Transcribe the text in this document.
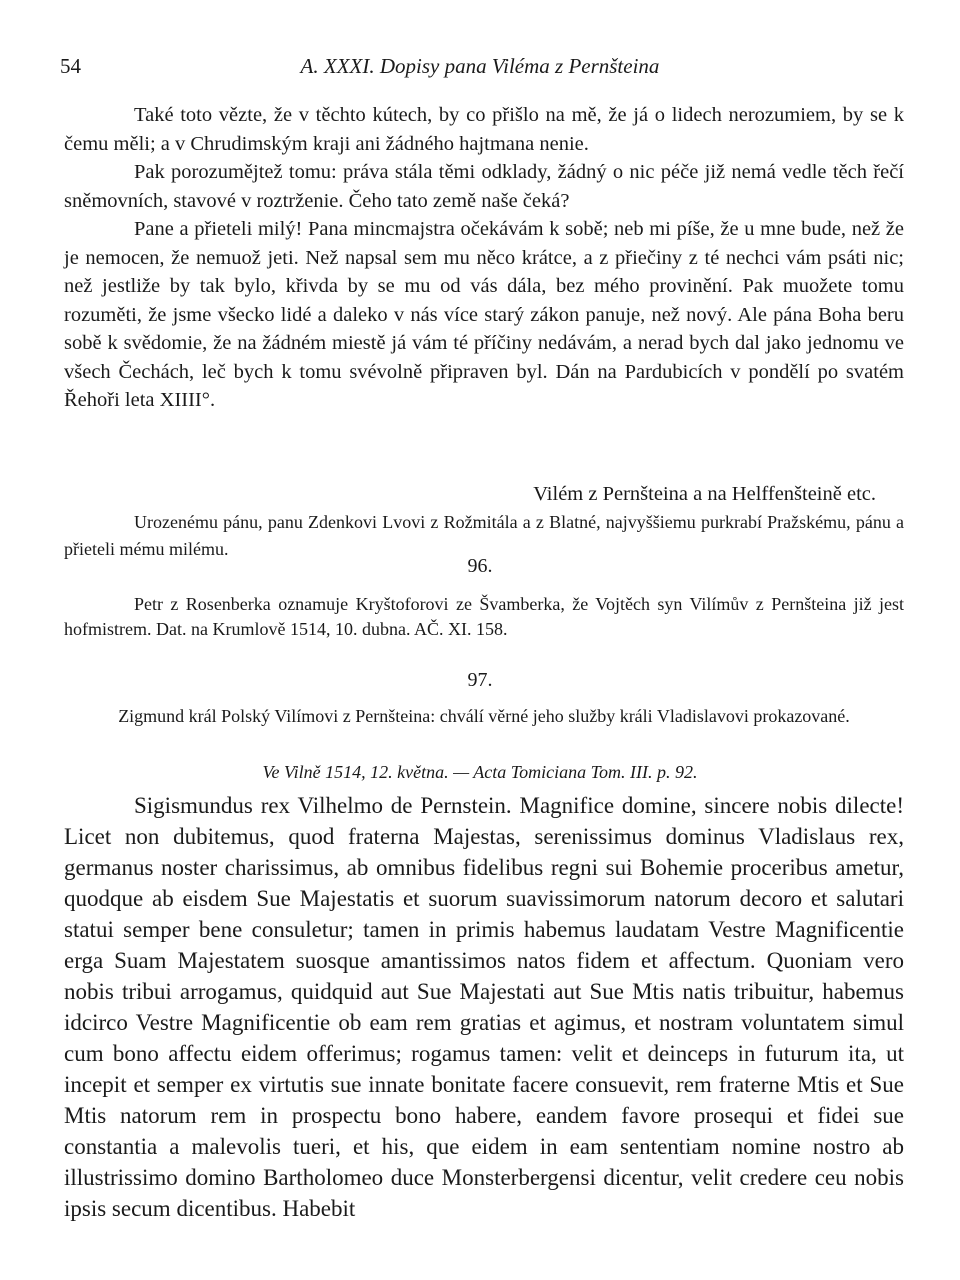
54	A. XXXI. Dopisy pana Viléma z Pernšteina

Také toto vězte, že v těchto kútech, by co přišlo na mě, že já o lidech nerozumiem, by se k čemu měli; a v Chrudimským kraji ani žádného hajtmana nenie.

Pak porozumějtež tomu: práva stála těmi odklady, žádný o nic péče již nemá vedle těch řečí sněmovních, stavové v roztrženie. Čeho tato země naše čeká?

Pane a přieteli milý! Pana mincmajstra očekávám k sobě; neb mi píše, že u mne bude, než že je nemocen, že nemuož jeti. Než napsal sem mu něco krátce, a z přiečiny z té nechci vám psáti nic; než jestliže by tak bylo, křivda by se mu od vás dála, bez mého provinění. Pak muožete tomu rozuměti, že jsme všecko lidé a daleko v nás více starý zákon panuje, než nový. Ale pána Boha beru sobě k svědomie, že na žádném miestě já vám té příčiny nedávám, a nerad bych dal jako jednomu ve všech Čechách, leč bych k tomu svévolně připraven byl. Dán na Pardubicích v pondělí po svatém Řehoři leta XIIII°.

Vilém z Pernšteina a na Helffenšteině etc.

Urozenému pánu, panu Zdenkovi Lvovi z Rožmitála a z Blatné, najvyššiemu purkrabí Pražskému, pánu a přieteli mému milému.

96.

Petr z Rosenberka oznamuje Kryštoforovi ze Švamberka, že Vojtěch syn Vilímův z Pernšteina již jest hofmistrem. Dat. na Krumlově 1514, 10. dubna. AČ. XI. 158.

97.

Zigmund král Polský Vilímovi z Pernšteina: chválí věrné jeho služby králi Vladislavovi prokazované.

Ve Vilně 1514, 12. května. — Acta Tomiciana Tom. III. p. 92.

Sigismundus rex Vilhelmo de Pernstein. Magnifice domine, sincere nobis dilecte! Licet non dubitemus, quod fraterna Majestas, serenissimus dominus Vladislaus rex, germanus noster charissimus, ab omnibus fidelibus regni sui Bohemie proceribus ametur, quodque ab eisdem Sue Majestatis et suorum suavissimorum natorum decoro et salutari statui semper bene consuletur; tamen in primis habemus laudatam Vestre Magnificentie erga Suam Majestatem suosque amantissimos natos fidem et affectum. Quoniam vero nobis tribui arrogamus, quidquid aut Sue Majestati aut Sue Mtis natis tribuitur, habemus idcirco Vestre Magnificentie ob eam rem gratias et agimus, et nostram voluntatem simul cum bono affectu eidem offerimus; rogamus tamen: velit et deinceps in futurum ita, ut incepit et semper ex virtutis sue innate bonitate facere consuevit, rem fraterne Mtis et Sue Mtis natorum rem in prospectu bono habere, eandem favore prosequi et fidei sue constantia a malevolis tueri, et his, que eidem in eam sententiam nomine nostro ab illustrissimo domino Bartholomeo duce Monsterbergensi dicentur, velit credere ceu nobis ipsis secum dicentibus. Habebit
